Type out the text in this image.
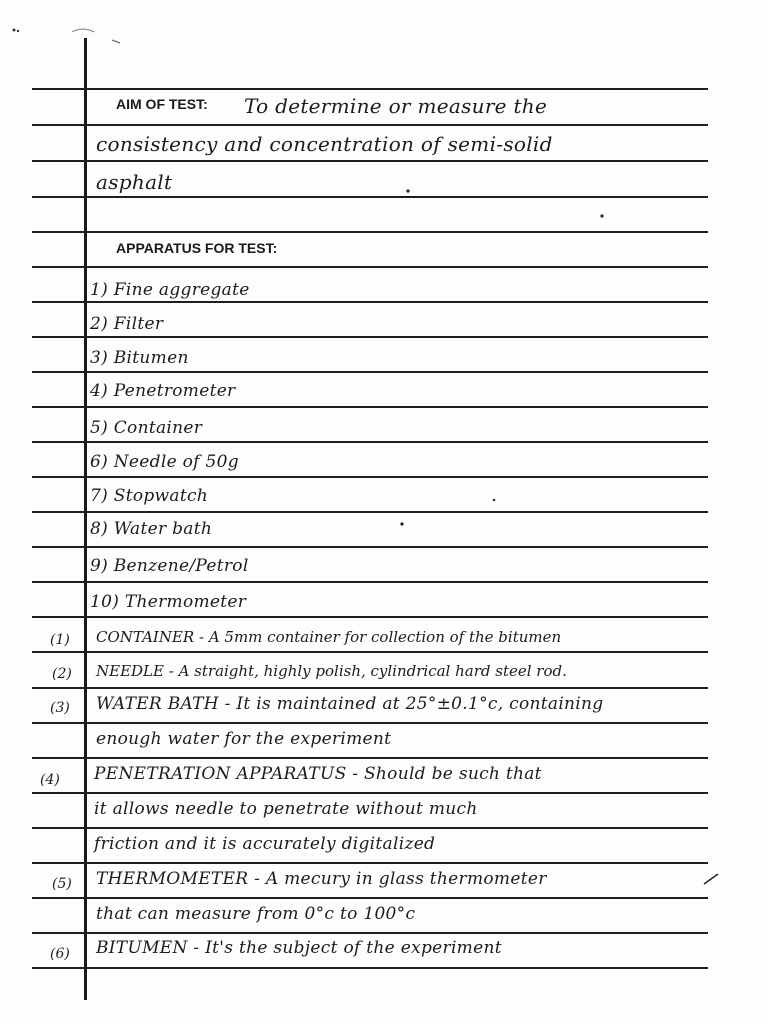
AIM OF TEST: To determine or measure the
consistency and concentration of semi-solid
asphalt
APPARATUS FOR TEST:
1) Fine aggregate
2) Filter
3) Bitumen
4) Penetrometer
5) Container
6) Needle of 50g
7) Stopwatch
8) Water bath
9) Benzene/Petrol
10) Thermometer
(1) CONTAINER - A 5mm container for collection of the bitumen
(2) NEEDLE - A straight, highly polish, cylindrical hard steel rod.
(3) WATER BATH - It is maintained at 25°±0.1°c, containing
enough water for the experiment
(4) PENETRATION APPARATUS - Should be such that
it allows needle to penetrate without much
friction and it is accurately digitalized
(5) THERMOMETER - A mecury in glass thermometer
that can measure from 0°c to 100°c
(6) BITUMEN - It's the subject of the experiment
